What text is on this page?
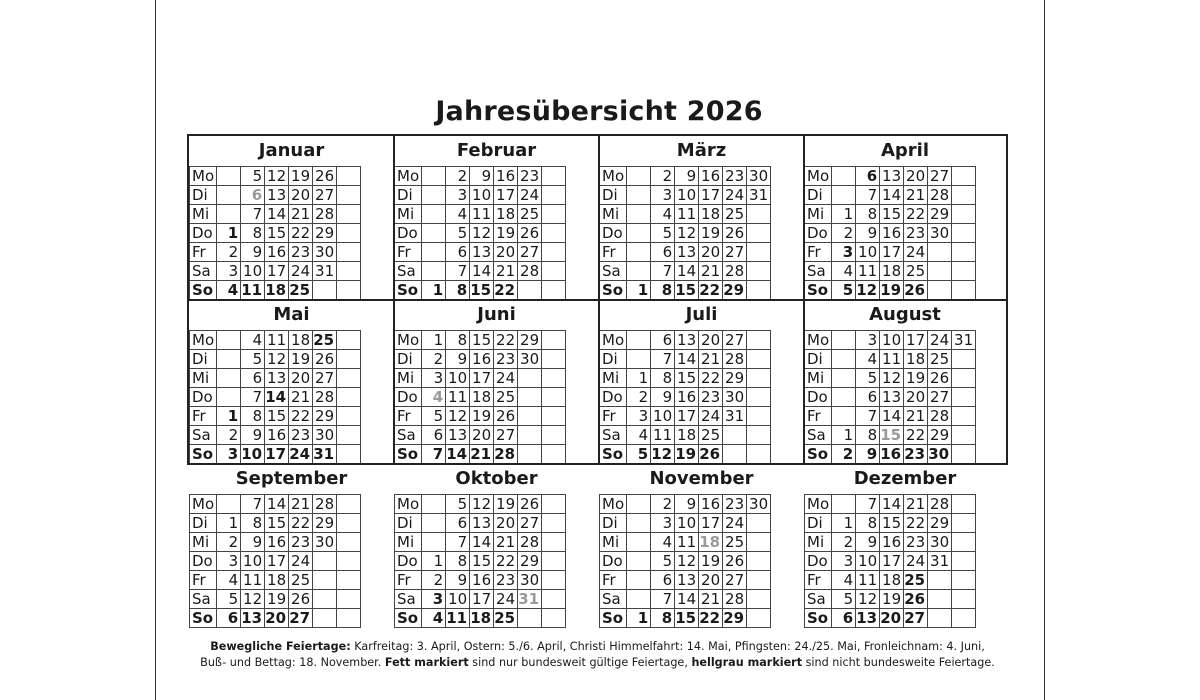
Jahresübersicht 2026
Januar
Mo		5	12	19	26	
Di		6	13	20	27	
Mi		7	14	21	28	
Do	1	8	15	22	29	
Fr	2	9	16	23	30	
Sa	3	10	17	24	31	
So	4	11	18	25		
Februar
Mo		2	9	16	23	
Di		3	10	17	24	
Mi		4	11	18	25	
Do		5	12	19	26	
Fr		6	13	20	27	
Sa		7	14	21	28	
So	1	8	15	22		
März
Mo		2	9	16	23	30
Di		3	10	17	24	31
Mi		4	11	18	25	
Do		5	12	19	26	
Fr		6	13	20	27	
Sa		7	14	21	28	
So	1	8	15	22	29	
April
Mo		6	13	20	27	
Di		7	14	21	28	
Mi	1	8	15	22	29	
Do	2	9	16	23	30	
Fr	3	10	17	24		
Sa	4	11	18	25		
So	5	12	19	26		
Mai
Mo		4	11	18	25	
Di		5	12	19	26	
Mi		6	13	20	27	
Do		7	14	21	28	
Fr	1	8	15	22	29	
Sa	2	9	16	23	30	
So	3	10	17	24	31	
Juni
Mo	1	8	15	22	29	
Di	2	9	16	23	30	
Mi	3	10	17	24		
Do	4	11	18	25		
Fr	5	12	19	26		
Sa	6	13	20	27		
So	7	14	21	28		
Juli
Mo		6	13	20	27	
Di		7	14	21	28	
Mi	1	8	15	22	29	
Do	2	9	16	23	30	
Fr	3	10	17	24	31	
Sa	4	11	18	25		
So	5	12	19	26		
August
Mo		3	10	17	24	31
Di		4	11	18	25	
Mi		5	12	19	26	
Do		6	13	20	27	
Fr		7	14	21	28	
Sa	1	8	15	22	29	
So	2	9	16	23	30	
September
Mo		7	14	21	28	
Di	1	8	15	22	29	
Mi	2	9	16	23	30	
Do	3	10	17	24		
Fr	4	11	18	25		
Sa	5	12	19	26		
So	6	13	20	27		
Oktober
Mo		5	12	19	26	
Di		6	13	20	27	
Mi		7	14	21	28	
Do	1	8	15	22	29	
Fr	2	9	16	23	30	
Sa	3	10	17	24	31	
So	4	11	18	25		
November
Mo		2	9	16	23	30
Di		3	10	17	24	
Mi		4	11	18	25	
Do		5	12	19	26	
Fr		6	13	20	27	
Sa		7	14	21	28	
So	1	8	15	22	29	
Dezember
Mo		7	14	21	28	
Di	1	8	15	22	29	
Mi	2	9	16	23	30	
Do	3	10	17	24	31	
Fr	4	11	18	25		
Sa	5	12	19	26		
So	6	13	20	27		
Bewegliche Feiertage: Karfreitag: 3. April, Ostern: 5./6. April, Christi Himmelfahrt: 14. Mai, Pfingsten: 24./25. Mai, Fronleichnam: 4. Juni,
Buß- und Bettag: 18. November. Fett markiert sind nur bundesweit gültige Feiertage, hellgrau markiert sind nicht bundesweite Feiertage.
